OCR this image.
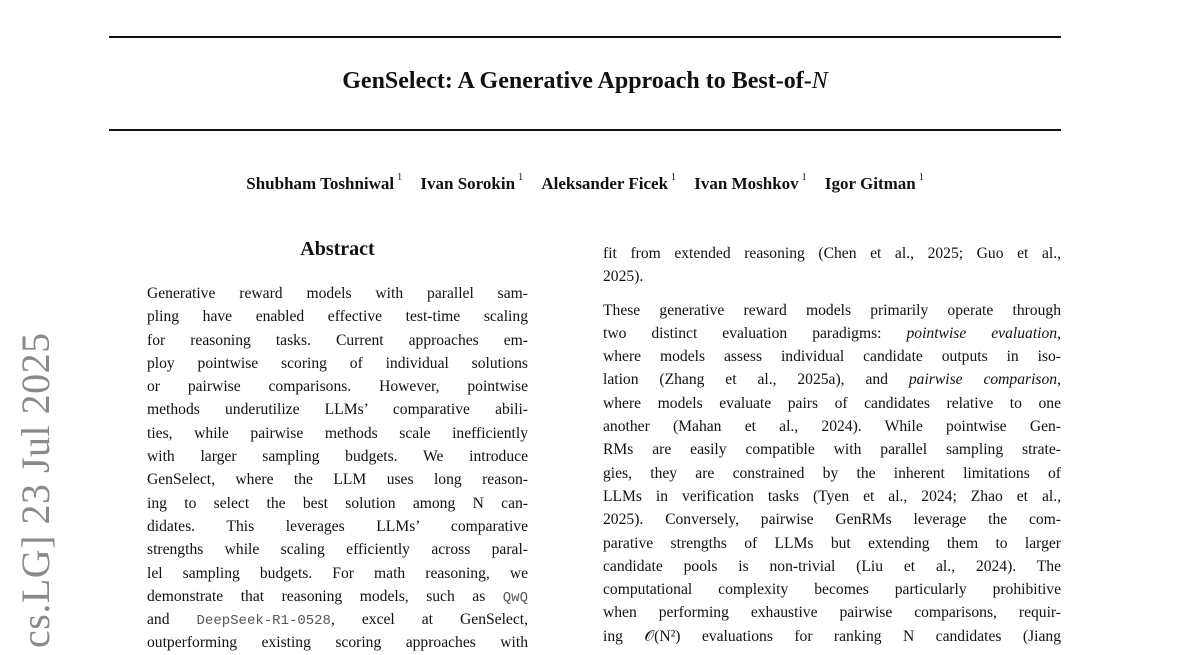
GenSelect: A Generative Approach to Best-of-N
Shubham Toshniwal $^1$ Ivan Sorokin $^1$ Aleksander Ficek $^1$ Ivan Moshkov $^1$ Igor Gitman $^1$
cs.LG] 23 Jul 2025
Abstract
Generative reward models with parallel sam-
pling have enabled effective test-time scaling
for reasoning tasks. Current approaches em-
ploy pointwise scoring of individual solutions
or pairwise comparisons. However, pointwise
methods underutilize LLMs’ comparative abili-
ties, while pairwise methods scale inefficiently
with larger sampling budgets. We introduce
GenSelect, where the LLM uses long reason-
ing to select the best solution among N can-
didates. This leverages LLMs’ comparative
strengths while scaling efficiently across paral-
lel sampling budgets. For math reasoning, we
demonstrate that reasoning models, such as QwQ
and DeepSeek-R1-0528, excel at GenSelect,
outperforming existing scoring approaches with
fit from extended reasoning (Chen et al., 2025; Guo et al.,
2025).
These generative reward models primarily operate through
two distinct evaluation paradigms: pointwise evaluation,
where models assess individual candidate outputs in iso-
lation (Zhang et al., 2025a), and pairwise comparison,
where models evaluate pairs of candidates relative to one
another (Mahan et al., 2024). While pointwise Gen-
RMs are easily compatible with parallel sampling strate-
gies, they are constrained by the inherent limitations of
LLMs in verification tasks (Tyen et al., 2024; Zhao et al.,
2025). Conversely, pairwise GenRMs leverage the com-
parative strengths of LLMs but extending them to larger
candidate pools is non-trivial (Liu et al., 2024). The
computational complexity becomes particularly prohibitive
when performing exhaustive pairwise comparisons, requir-
ing 𝒪(N²) evaluations for ranking N candidates (Jiang
